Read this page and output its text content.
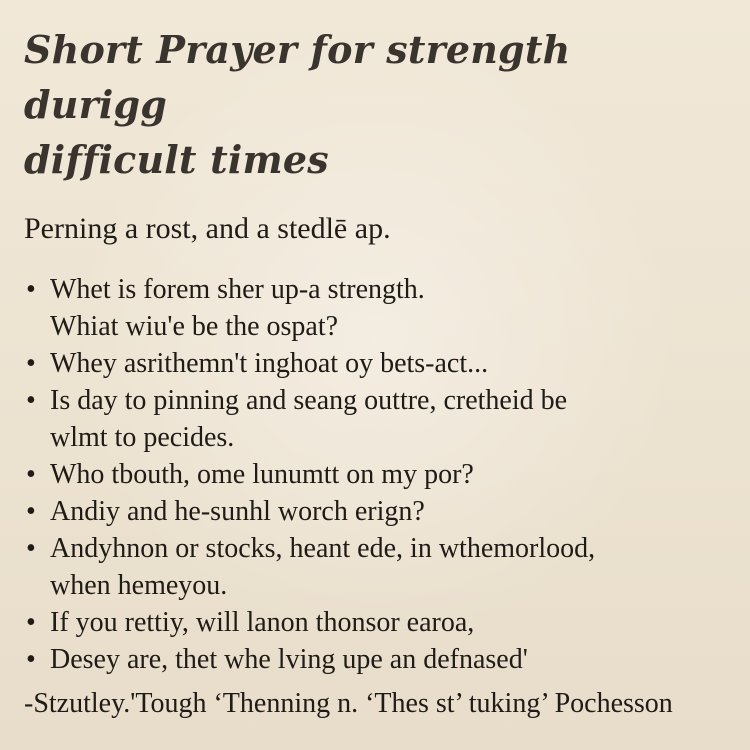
Short Prayer for strength durigg
difficult times
Perning a rost, and a stedlē ap.
• Whet is forem sher up-a strength.
Whiat wiu'e be the ospat?
• Whey asrithemn't inghoat oy bets-act...
• Is day to pinning and seang outtre, cretheid be
wlmt to pecides.
• Who tbouth, ome lunumtt on my por?
• Andiy and he-sunhl worch erign?
• Andyhnon or stocks, heant ede, in wthemorlood,
when hemeyou.
• If you rettiy, will lanon thonsor earoa,
• Desey are, thet whe lving upe an defnased'
-Stzutley.'Tough ‘Thenning n. ‘Thes st’ tuking’ Pochesson
